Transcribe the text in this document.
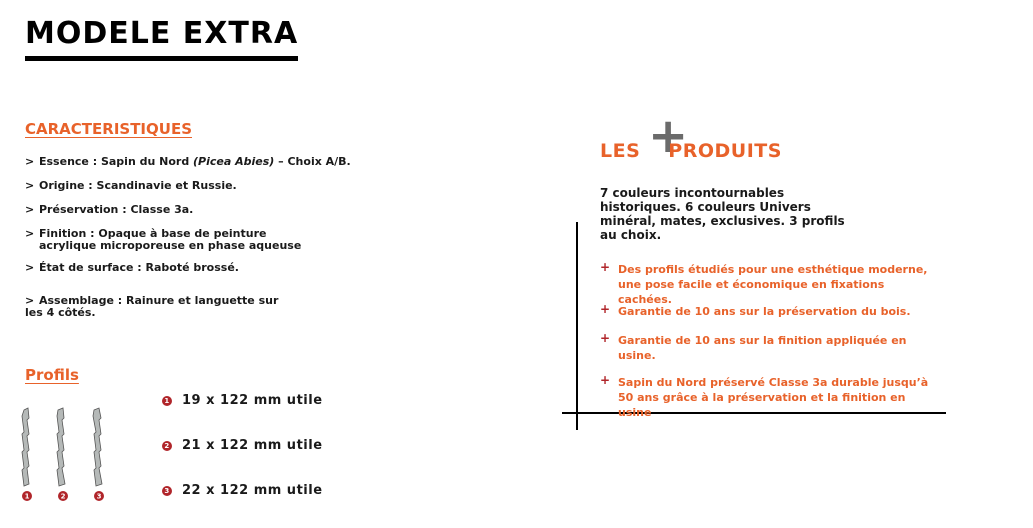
MODELE EXTRA
CARACTERISTIQUES
> Essence : Sapin du Nord (Picea Abies) – Choix A/B.
> Origine : Scandinavie et Russie.
> Préservation : Classe 3a.
> Finition : Opaque à base de peinture
acrylique microporeuse en phase aqueuse
> État de surface : Raboté brossé.
> Assemblage : Rainure et languette sur
les 4 côtés.
Profils
1	2	3
1 19 x 122 mm utile
2 21 x 122 mm utile
3 22 x 122 mm utile
+
LES PRODUITS
7 couleurs incontournables historiques. 6 couleurs Univers minéral, mates, exclusives. 3 profils au choix.
+ Des profils étudiés pour une esthétique moderne, une pose facile et économique en fixations cachées.
+ Garantie de 10 ans sur la préservation du bois.
+ Garantie de 10 ans sur la finition appliquée en usine.
+ Sapin du Nord préservé Classe 3a durable jusqu’à 50 ans grâce à la préservation et la finition en usine
